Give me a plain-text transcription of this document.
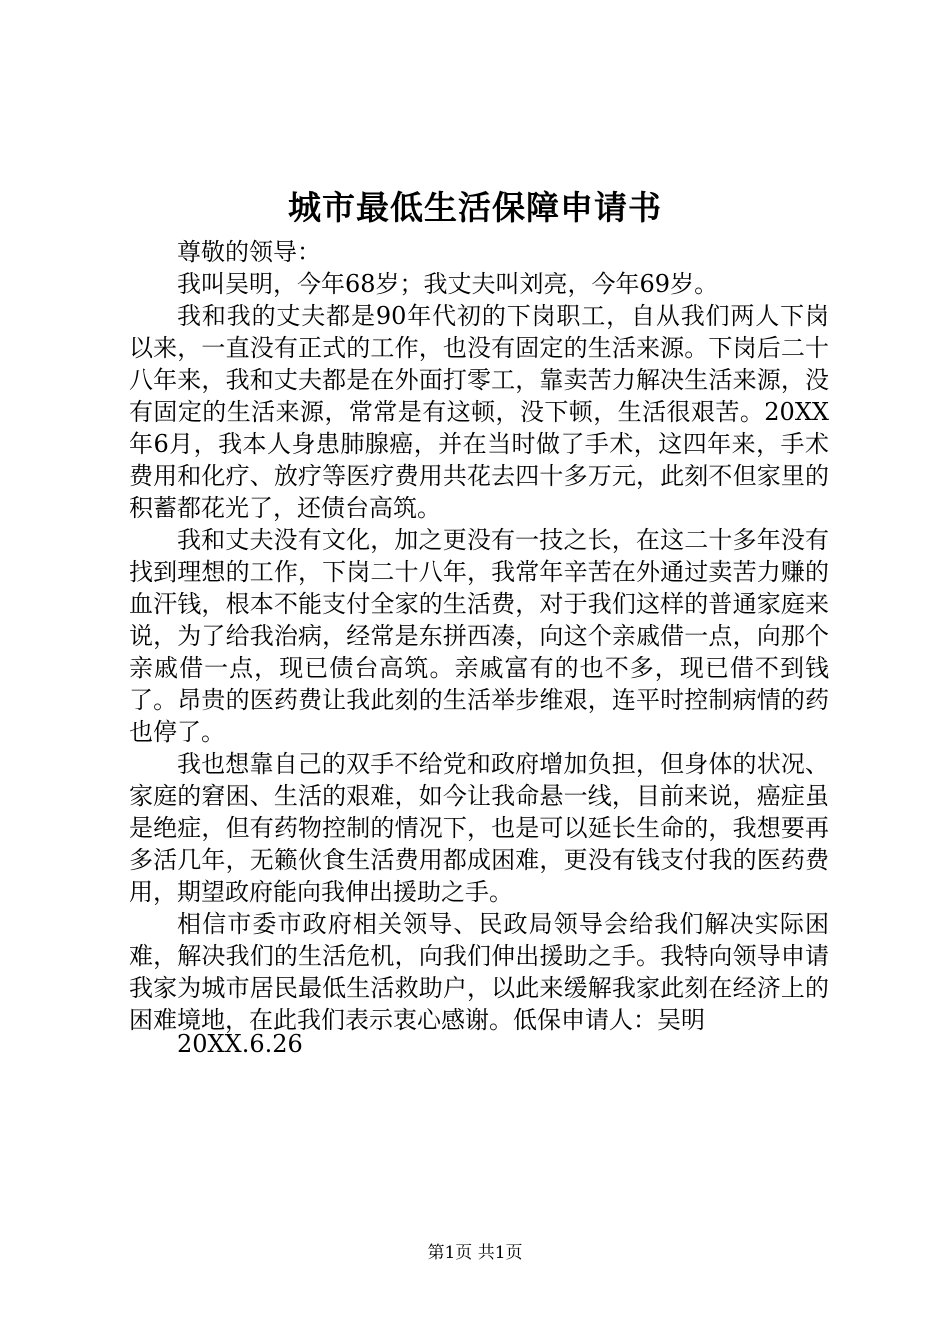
城市最低生活保障申请书

尊敬的领导：

我叫吴明，今年68岁；我丈夫叫刘亮，今年69岁。

我和我的丈夫都是90年代初的下岗职工，自从我们两人下岗以来，一直没有正式的工作，也没有固定的生活来源。下岗后二十八年来，我和丈夫都是在外面打零工，靠卖苦力解决生活来源，没有固定的生活来源，常常是有这顿，没下顿，生活很艰苦。20XX年6月，我本人身患肺腺癌，并在当时做了手术，这四年来，手术费用和化疗、放疗等医疗费用共花去四十多万元，此刻不但家里的积蓄都花光了，还债台高筑。

我和丈夫没有文化，加之更没有一技之长，在这二十多年没有找到理想的工作，下岗二十八年，我常年辛苦在外通过卖苦力赚的血汗钱，根本不能支付全家的生活费，对于我们这样的普通家庭来说，为了给我治病，经常是东拼西凑，向这个亲戚借一点，向那个亲戚借一点，现已债台高筑。亲戚富有的也不多，现已借不到钱了。昂贵的医药费让我此刻的生活举步维艰，连平时控制病情的药也停了。

我也想靠自己的双手不给党和政府增加负担，但身体的状况、家庭的窘困、生活的艰难，如今让我命悬一线，目前来说，癌症虽是绝症，但有药物控制的情况下，也是可以延长生命的，我想要再多活几年，无籁伙食生活费用都成困难，更没有钱支付我的医药费用，期望政府能向我伸出援助之手。

相信市委市政府相关领导、民政局领导会给我们解决实际困难，解决我们的生活危机，向我们伸出援助之手。我特向领导申请我家为城市居民最低生活救助户，以此来缓解我家此刻在经济上的困难境地，在此我们表示衷心感谢。低保申请人：吴明

20XX.6.26
第1页 共1页
